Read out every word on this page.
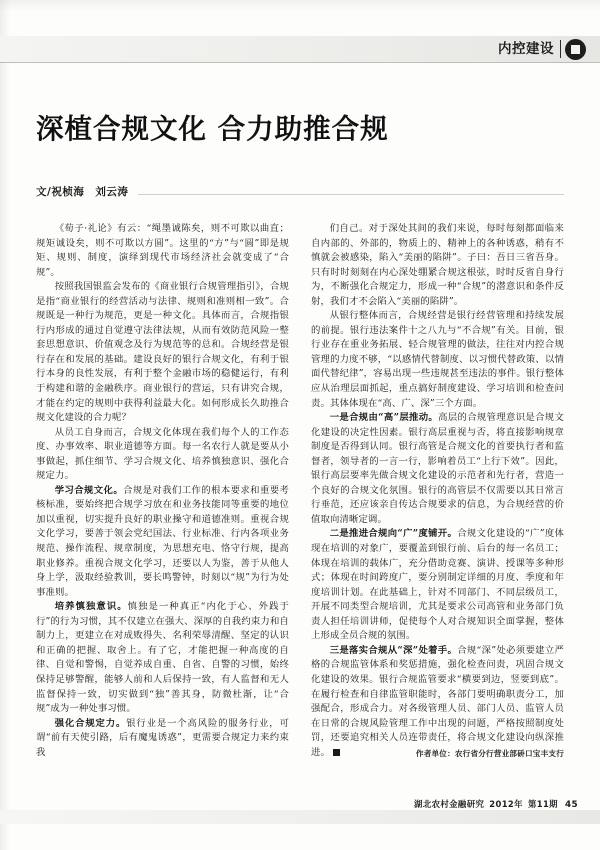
内控建设
深植合规文化 合力助推合规
文/祝桢海　刘云涛

《荀子·礼论》有云：“绳墨诚陈矣，则不可欺以曲直；规矩诚设矣，则不可欺以方圆”。这里的“方”与“圆”即是规矩、规则、制度，演绎到现代市场经济社会就变成了“合规”。

按照我国银监会发布的《商业银行合规管理指引》，合规是指“商业银行的经营活动与法律、规则和准则相一致”。合规既是一种行为规范，更是一种文化。具体而言，合规指银行内形成的通过自觉遵守法律法规，从而有效防范风险一整套思想意识、价值观念及行为规范等的总和。合规经营是银行存在和发展的基础。建设良好的银行合规文化，有利于银行本身的良性发展，有利于整个金融市场的稳健运行，有利于构建和谐的金融秩序。商业银行的营运，只有讲究合规，才能在约定的规则中获得利益最大化。如何形成长久助推合规文化建设的合力呢？

从员工自身而言，合规文化体现在我们每个人的工作态度、办事效率、职业道德等方面。每一名农行人就是要从小事做起，抓住细节、学习合规文化、培养慎独意识、强化合规定力。

学习合规文化。合规是对我们工作的根本要求和重要考核标准，要始终把合规学习放在和业务技能同等重要的地位加以重视，切实提升良好的职业操守和道德准则。重视合规文化学习，要善于领会党纪国法、行业标准、行内各项业务规范、操作流程、规章制度，为思想充电、恪守行规，提高职业修养。重视合规文化学习，还要以人为鉴，善于从他人身上学，汲取经验教训，要长鸣警钟，时刻以“规”为行为处事准则。

培养慎独意识。慎独是一种真正“内化于心、外践于行”的行为习惯，其不仅建立在强大、深厚的自我约束力和自制力上，更建立在对成败得失、名利荣辱清醒、坚定的认识和正确的把握、取舍上。有了它，才能把握一种高度的自律、自觉和警惕，自觉养成自重、自省、自警的习惯，始终保持足够警醒，能够人前和人后保持一致，有人监督和无人监督保持一致，切实做到“独”善其身，防微杜渐，让“合规”成为一种处事习惯。

强化合规定力。银行业是一个高风险的服务行业，可谓“前有天使引路，后有魔鬼诱惑”，更需要合规定力来约束我

们自己。对于深处其间的我们来说，每时每刻都面临来自内部的、外部的，物质上的、精神上的各种诱惑，稍有不慎就会被感染，陷入“美丽的陷阱”。子曰：吾日三省吾身。只有时时刻刻在内心深处绷紧合规这根弦，时时反省自身行为，不断强化合规定力，形成一种“合规”的潜意识和条件反射，我们才不会陷入“美丽的陷阱”。

从银行整体而言，合规经营是银行经营管理和持续发展的前提。银行违法案件十之八九与“不合规”有关。目前，银行业存在重业务拓展、轻合规管理的做法，往往对内控合规管理的力度不够，“以感情代替制度、以习惯代替政策、以情面代替纪律”，容易出现一些违规甚至违法的事件。银行整体应从治理层面抓起，重点搞好制度建设、学习培训和检查问责。其体体现在“高、广、深”三个方面。

一是合规由“高”层推动。高层的合规管理意识是合规文化建设的决定性因素。银行高层重视与否，将直接影响规章制度是否得到认同。银行高管是合规文化的首要执行者和监督者，领导者的一言一行，影响着员工“上行下效”。因此，银行高层要率先做合规文化建设的示范者和先行者，营造一个良好的合规文化氛围。银行的高管层不仅需要以其日常言行垂范，还应该亲自传达合规要求的信息，为合规经营的价值取向清晰定调。

二是推进合规向“广”度铺开。合规文化建设的“广”度体现在培训的对象广，要覆盖到银行前、后台的每一名员工；体现在培训的载体广，充分借助竞赛、演讲、授课等多种形式；体现在时间跨度广，要分别制定详细的月度、季度和年度培训计划。在此基础上，针对不同部门、不同层级员工，开展不同类型合规培训，尤其是要求公司高管和业务部门负责人担任培训讲师，促使每个人对合规知识全面掌握，整体上形成全员合规的氛围。

三是落实合规从“深”处着手。合规“深”处必须要建立严格的合规监管体系和奖惩措施，强化检查问责，巩固合规文化建设的效果。银行合规监管要求“横要到边，竖要到底”。在履行检查和自律监管职能时，各部门要明确职责分工，加强配合，形成合力。对各级管理人员、部门人员、监管人员在日常的合规风险管理工作中出现的问题，严格按照制度处罚，还要追究相关人员连带责任，将合规文化建设向纵深推进。	作者单位：农行省分行营业部硚口宝丰支行
湖北农村金融研究 2012年 第11期 45
